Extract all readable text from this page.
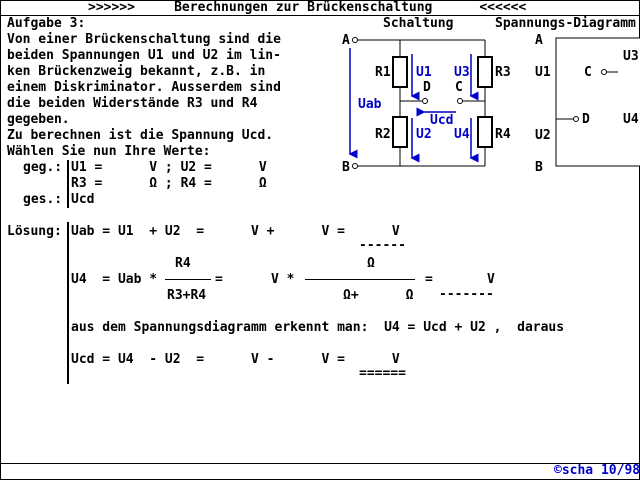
>>>>>>     Berechnungen zur Brückenschaltung      <<<<<<
Aufgabe 3:
Von einer Brückenschaltung sind die
beiden Spannungen U1 und U2 im lin-
ken Brückenzweig bekannt, z.B. in
einem Diskriminator. Ausserdem sind
die beiden Widerstände R3 und R4
gegeben.
Zu berechnen ist die Spannung Ucd.
Wählen Sie nun Ihre Werte:
geg.: U1 =      V ; U2 =      V
R3 =      Ω ; R4 =      Ω
ges.: Ucd
Lösung: Uab = U1  + U2  =      V +      V =      V
------
U4  = Uab *
R4
R3+R4
=	V *
Ω
Ω+      Ω
=	V
-------
aus dem Spannungsdiagramm erkennt man:  U4 = Ucd + U2 ,  daraus
Ucd = U4  - U2  =      V -      V =      V
======
Schaltung
A
B
R1
R2
R3
R4
D C
Uab
U1
U2
U3
U4
Ucd
Spannungs-Diagramm
A
B
U1
U2
U3
U4
C
D
©scha 10/98
